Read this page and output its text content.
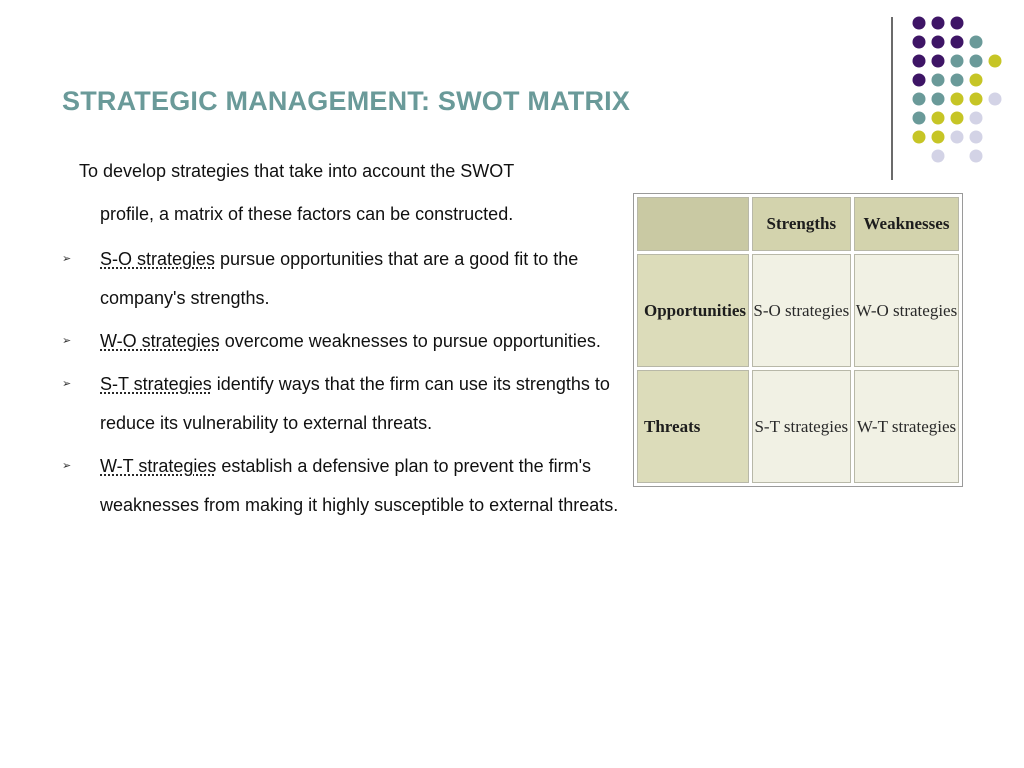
STRATEGIC MANAGEMENT: SWOT MATRIX

To develop strategies that take into account the SWOT
profile, a matrix of these factors can be constructed.

➢ S-O strategies pursue opportunities that are a good fit to the company's strengths.
➢ W-O strategies overcome weaknesses to pursue opportunities.
➢ S-T strategies identify ways that the firm can use its strengths to reduce its vulnerability to external threats.
➢ W-T strategies establish a defensive plan to prevent the firm's weaknesses from making it highly susceptible to external threats.
	Strengths	Weaknesses
Opportunities	S-O strategies	W-O strategies
Threats	S-T strategies	W-T strategies
